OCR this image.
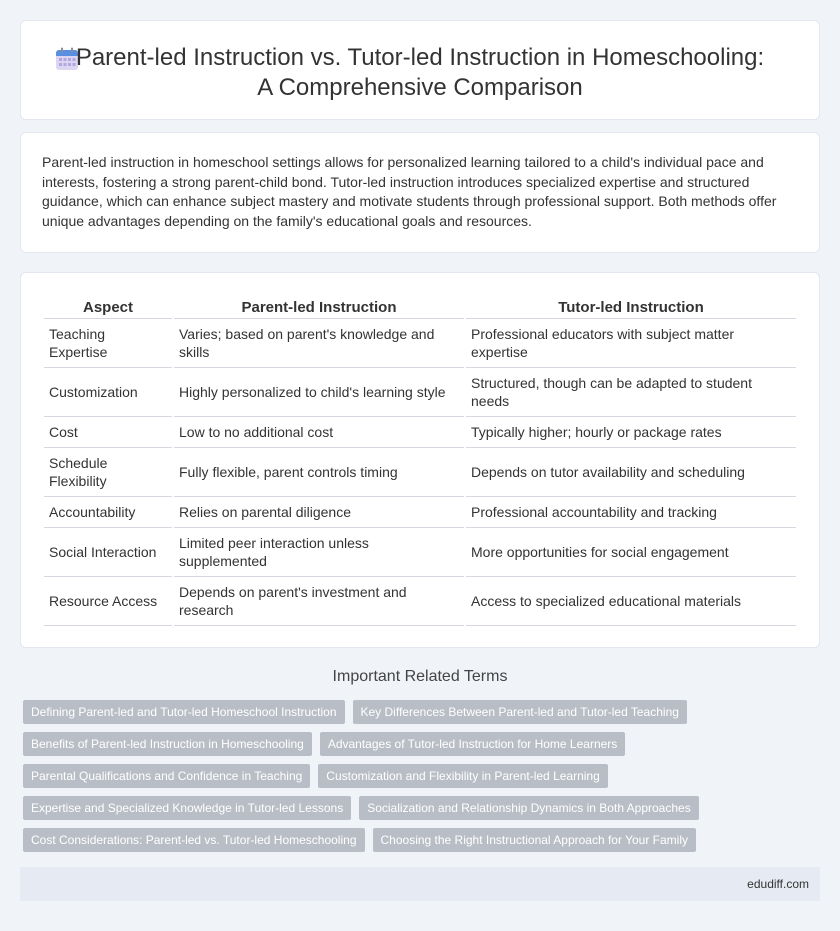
Parent-led Instruction vs. Tutor-led Instruction in Homeschooling:
A Comprehensive Comparison

Parent-led instruction in homeschool settings allows for personalized learning tailored to a child's individual pace and interests, fostering a strong parent-child bond. Tutor-led instruction introduces specialized expertise and structured guidance, which can enhance subject mastery and motivate students through professional support. Both methods offer unique advantages depending on the family's educational goals and resources.

Aspect	Parent-led Instruction	Tutor-led Instruction
Teaching Expertise	Varies; based on parent's knowledge and skills	Professional educators with subject matter expertise
Customization	Highly personalized to child's learning style	Structured, though can be adapted to student needs
Cost	Low to no additional cost	Typically higher; hourly or package rates
Schedule Flexibility	Fully flexible, parent controls timing	Depends on tutor availability and scheduling
Accountability	Relies on parental diligence	Professional accountability and tracking
Social Interaction	Limited peer interaction unless supplemented	More opportunities for social engagement
Resource Access	Depends on parent's investment and research	Access to specialized educational materials
Important Related Terms
Defining Parent-led and Tutor-led Homeschool Instruction	Key Differences Between Parent-led and Tutor-led Teaching
Benefits of Parent-led Instruction in Homeschooling	Advantages of Tutor-led Instruction for Home Learners
Parental Qualifications and Confidence in Teaching	Customization and Flexibility in Parent-led Learning
Expertise and Specialized Knowledge in Tutor-led Lessons	Socialization and Relationship Dynamics in Both Approaches
Cost Considerations: Parent-led vs. Tutor-led Homeschooling	Choosing the Right Instructional Approach for Your Family
edudiff.com
